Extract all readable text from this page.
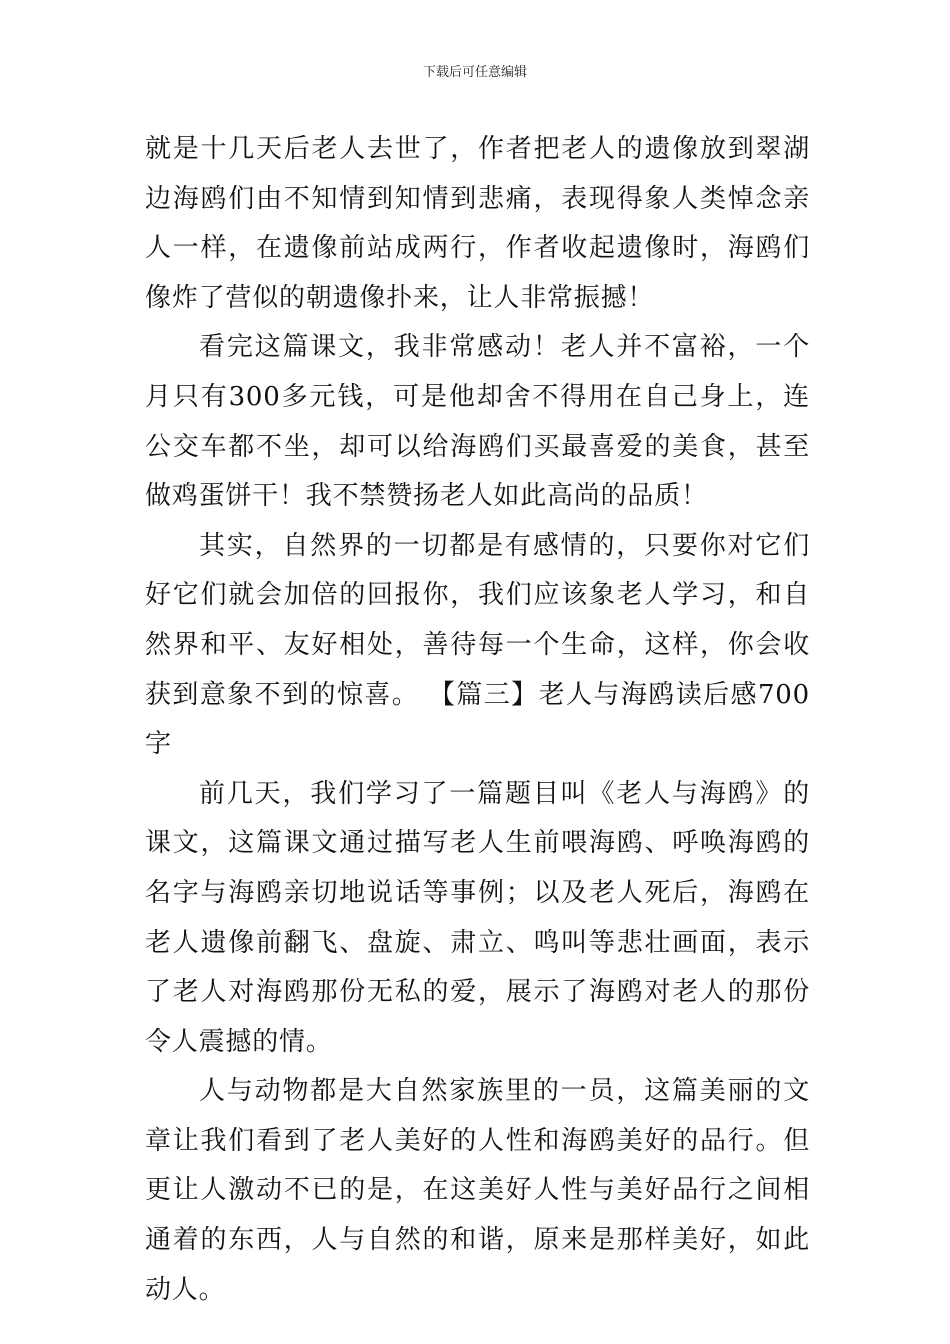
下载后可任意编辑

就是十几天后老人去世了，作者把老人的遗像放到翠湖边海鸥们由不知情到知情到悲痛，表现得象人类悼念亲人一样，在遗像前站成两行，作者收起遗像时，海鸥们像炸了营似的朝遗像扑来，让人非常振撼！

看完这篇课文，我非常感动！老人并不富裕，一个月只有300多元钱，可是他却舍不得用在自己身上，连公交车都不坐，却可以给海鸥们买最喜爱的美食，甚至做鸡蛋饼干！我不禁赞扬老人如此高尚的品质！

其实，自然界的一切都是有感情的，只要你对它们好它们就会加倍的回报你，我们应该象老人学习，和自然界和平、友好相处，善待每一个生命，这样，你会收获到意象不到的惊喜。 【篇三】老人与海鸥读后感700字

前几天，我们学习了一篇题目叫《老人与海鸥》的课文，这篇课文通过描写老人生前喂海鸥、呼唤海鸥的名字与海鸥亲切地说话等事例；以及老人死后，海鸥在老人遗像前翻飞、盘旋、肃立、鸣叫等悲壮画面，表示了老人对海鸥那份无私的爱，展示了海鸥对老人的那份令人震撼的情。

人与动物都是大自然家族里的一员，这篇美丽的文章让我们看到了老人美好的人性和海鸥美好的品行。但更让人激动不已的是，在这美好人性与美好品行之间相通着的东西，人与自然的和谐，原来是那样美好，如此动人。
